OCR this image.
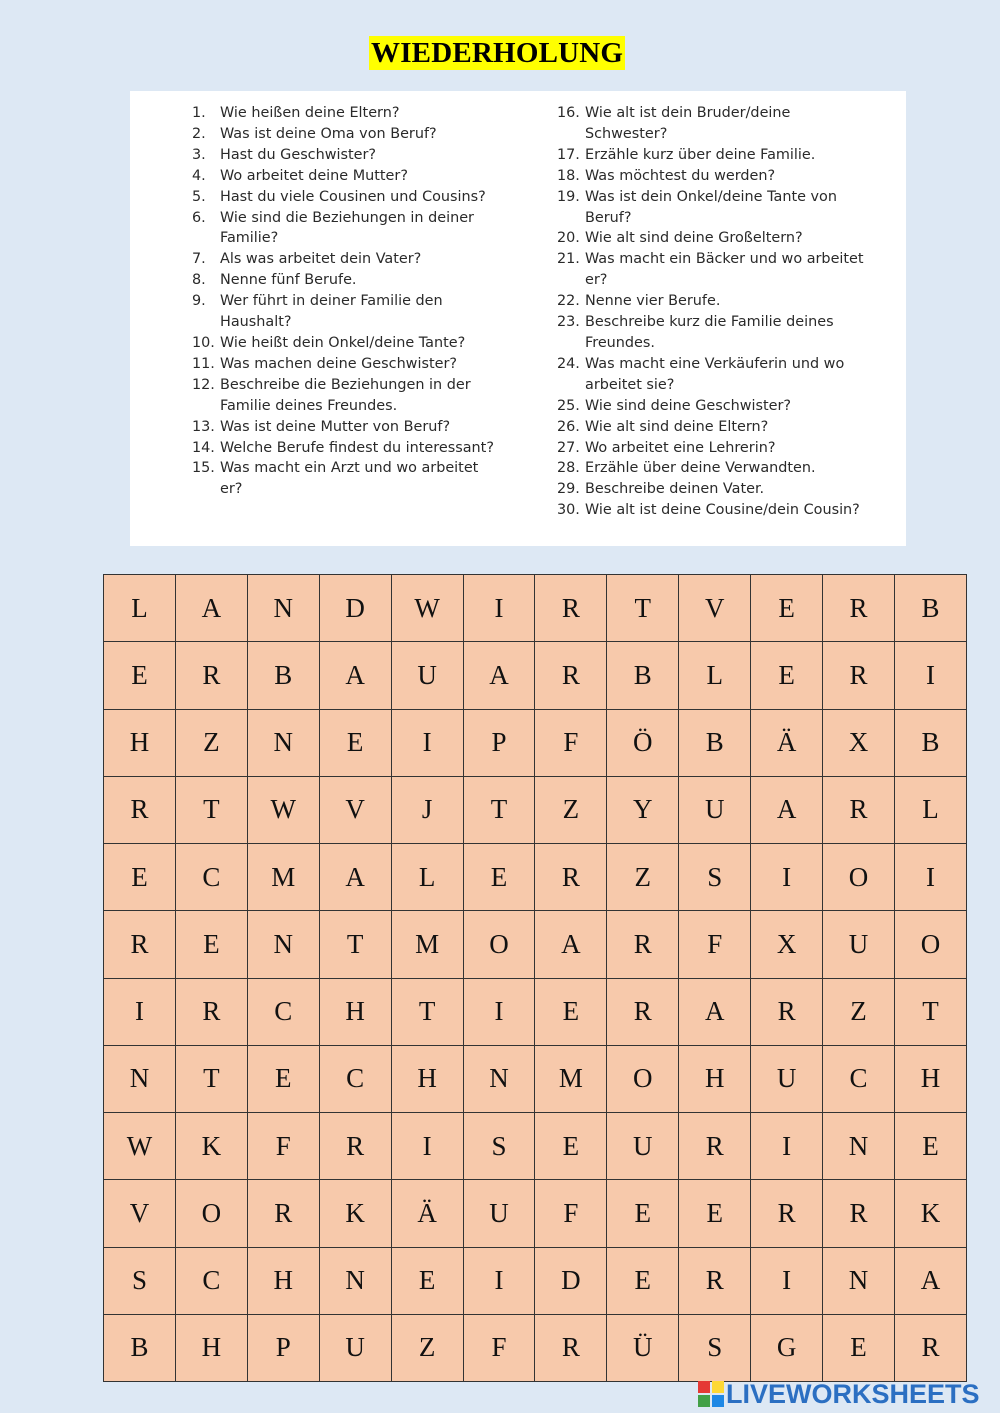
WIEDERHOLUNG
1. Wie heißen deine Eltern?
2. Was ist deine Oma von Beruf?
3. Hast du Geschwister?
4. Wo arbeitet deine Mutter?
5. Hast du viele Cousinen und Cousins?
6. Wie sind die Beziehungen in deiner Familie?
7. Als was arbeitet dein Vater?
8. Nenne fünf Berufe.
9. Wer führt in deiner Familie den Haushalt?
10. Wie heißt dein Onkel/deine Tante?
11. Was machen deine Geschwister?
12. Beschreibe die Beziehungen in der Familie deines Freundes.
13. Was ist deine Mutter von Beruf?
14. Welche Berufe findest du interessant?
15. Was macht ein Arzt und wo arbeitet er?
16. Wie alt ist dein Bruder/deine Schwester?
17. Erzähle kurz über deine Familie.
18. Was möchtest du werden?
19. Was ist dein Onkel/deine Tante von Beruf?
20. Wie alt sind deine Großeltern?
21. Was macht ein Bäcker und wo arbeitet er?
22. Nenne vier Berufe.
23. Beschreibe kurz die Familie deines Freundes.
24. Was macht eine Verkäuferin und wo arbeitet sie?
25. Wie sind deine Geschwister?
26. Wie alt sind deine Eltern?
27. Wo arbeitet eine Lehrerin?
28. Erzähle über deine Verwandten.
29. Beschreibe deinen Vater.
30. Wie alt ist deine Cousine/dein Cousin?
L	A	N	D	W	I	R	T	V	E	R	B
E	R	B	A	U	A	R	B	L	E	R	I
H	Z	N	E	I	P	F	Ö	B	Ä	X	B
R	T	W	V	J	T	Z	Y	U	A	R	L
E	C	M	A	L	E	R	Z	S	I	O	I
R	E	N	T	M	O	A	R	F	X	U	O
I	R	C	H	T	I	E	R	A	R	Z	T
N	T	E	C	H	N	M	O	H	U	C	H
W	K	F	R	I	S	E	U	R	I	N	E
V	O	R	K	Ä	U	F	E	E	R	R	K
S	C	H	N	E	I	D	E	R	I	N	A
B	H	P	U	Z	F	R	Ü	S	G	E	R
LIVEWORKSHEETS
